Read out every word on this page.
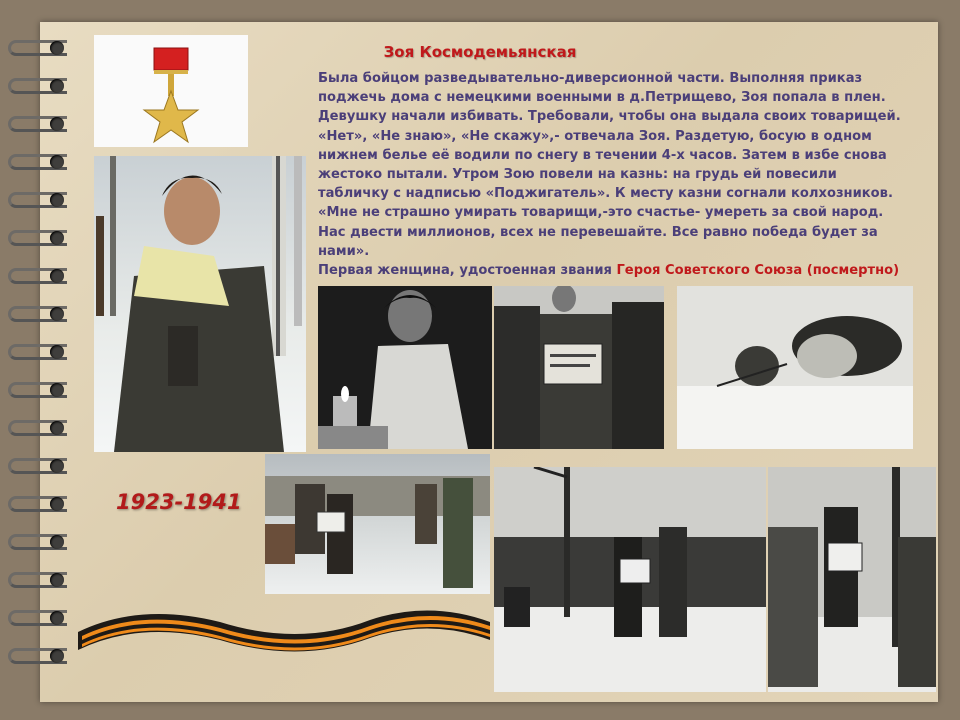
Зоя Космодемьянская

Была бойцом разведывательно-диверсионной части. Выполняя приказ

поджечь дома с немецкими военными в д.Петрищево, Зоя попала в плен.

Девушку начали избивать. Требовали, чтобы она выдала своих товарищей.

«Нет», «Не знаю», «Не скажу»,- отвечала Зоя. Раздетую, босую в одном

нижнем белье её водили по снегу в течении 4-х часов. Затем в избе снова

жестоко пытали. Утром Зою повели на казнь: на грудь ей повесили

табличку с надписью «Поджигатель». К месту казни согнали колхозников.

«Мне не страшно умирать товарищи,-это счастье- умереть за свой народ.

Нас двести миллионов, всех не перевешайте. Все равно победа будет за

нами».

Первая женщина, удостоенная звания Героя Советского Союза (посмертно)

1923-1941
